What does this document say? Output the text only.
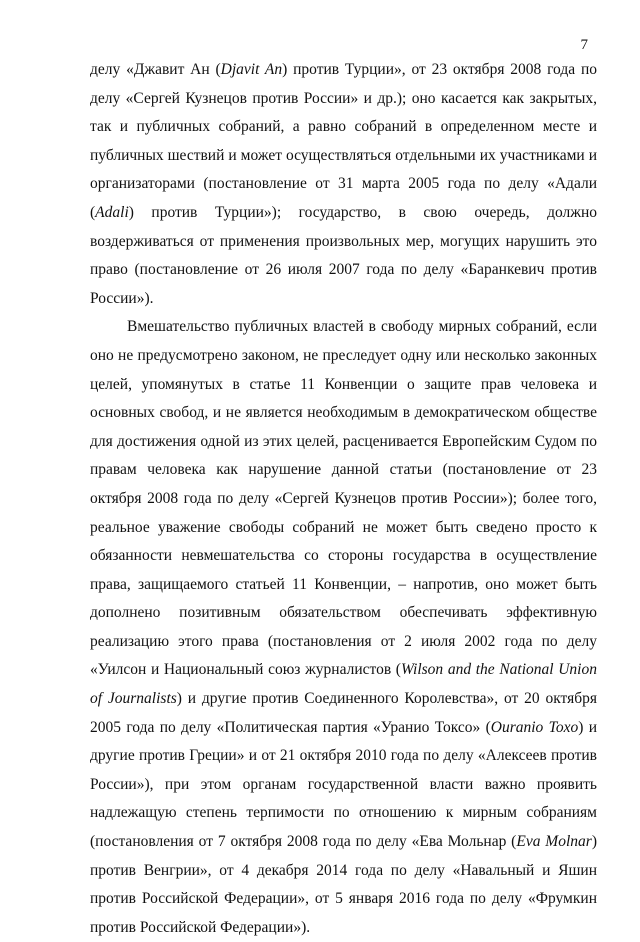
7

делу «Джавит Ан (Djavit An) против Турции», от 23 октября 2008 года по делу «Сергей Кузнецов против России» и др.); оно касается как закрытых, так и публичных собраний, а равно собраний в определенном месте и публичных шествий и может осуществляться отдельными их участниками и организаторами (постановление от 31 марта 2005 года по делу «Адали (Adali) против Турции»); государство, в свою очередь, должно воздерживаться от применения произвольных мер, могущих нарушить это право (постановление от 26 июля 2007 года по делу «Баранкевич против России»).

Вмешательство публичных властей в свободу мирных собраний, если оно не предусмотрено законом, не преследует одну или несколько законных целей, упомянутых в статье 11 Конвенции о защите прав человека и основных свобод, и не является необходимым в демократическом обществе для достижения одной из этих целей, расценивается Европейским Судом по правам человека как нарушение данной статьи (постановление от 23 октября 2008 года по делу «Сергей Кузнецов против России»); более того, реальное уважение свободы собраний не может быть сведено просто к обязанности невмешательства со стороны государства в осуществление права, защищаемого статьей 11 Конвенции, – напротив, оно может быть дополнено позитивным обязательством обеспечивать эффективную реализацию этого права (постановления от 2 июля 2002 года по делу «Уилсон и Национальный союз журналистов (Wilson and the National Union of Journalists) и другие против Соединенного Королевства», от 20 октября 2005 года по делу «Политическая партия «Уранио Токсо» (Ouranio Toxo) и другие против Греции» и от 21 октября 2010 года по делу «Алексеев против России»), при этом органам государственной власти важно проявить надлежащую степень терпимости по отношению к мирным собраниям (постановления от 7 октября 2008 года по делу «Ева Мольнар (Eva Molnar) против Венгрии», от 4 декабря 2014 года по делу «Навальный и Яшин против Российской Федерации», от 5 января 2016 года по делу «Фрумкин против Российской Федерации»).
